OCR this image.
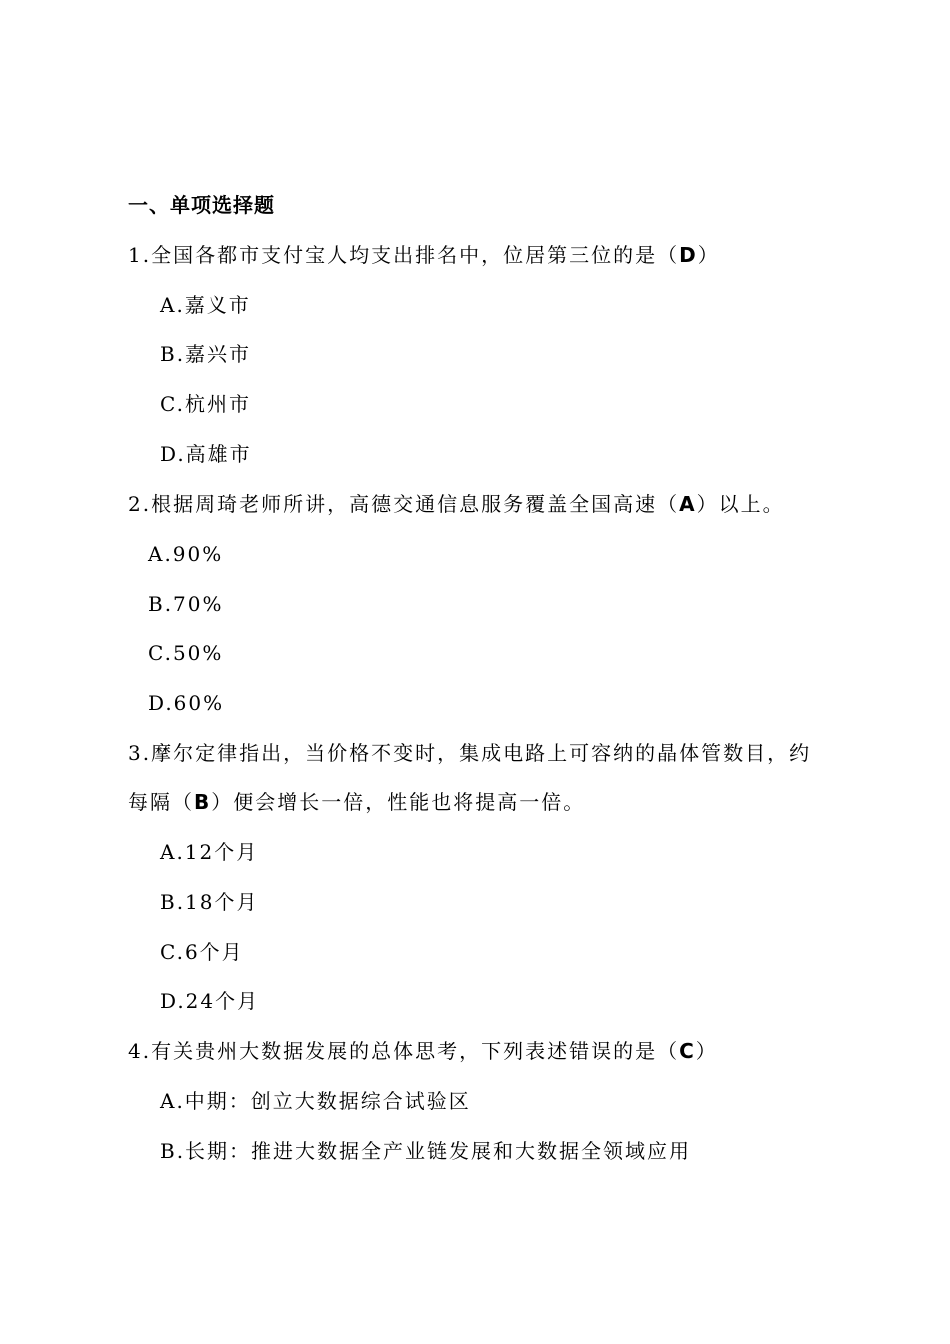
一、单项选择题
1.全国各都市支付宝人均支出排名中，位居第三位的是（D）
A.嘉义市
B.嘉兴市
C.杭州市
D.高雄市
2.根据周琦老师所讲，高德交通信息服务覆盖全国高速（A）以上。
A.90%
B.70%
C.50%
D.60%
3.摩尔定律指出，当价格不变时，集成电路上可容纳的晶体管数目，约
每隔（B）便会增长一倍，性能也将提高一倍。
A.12个月
B.18个月
C.6个月
D.24个月
4.有关贵州大数据发展的总体思考，下列表述错误的是（C）
A.中期：创立大数据综合试验区
B.长期：推进大数据全产业链发展和大数据全领域应用
